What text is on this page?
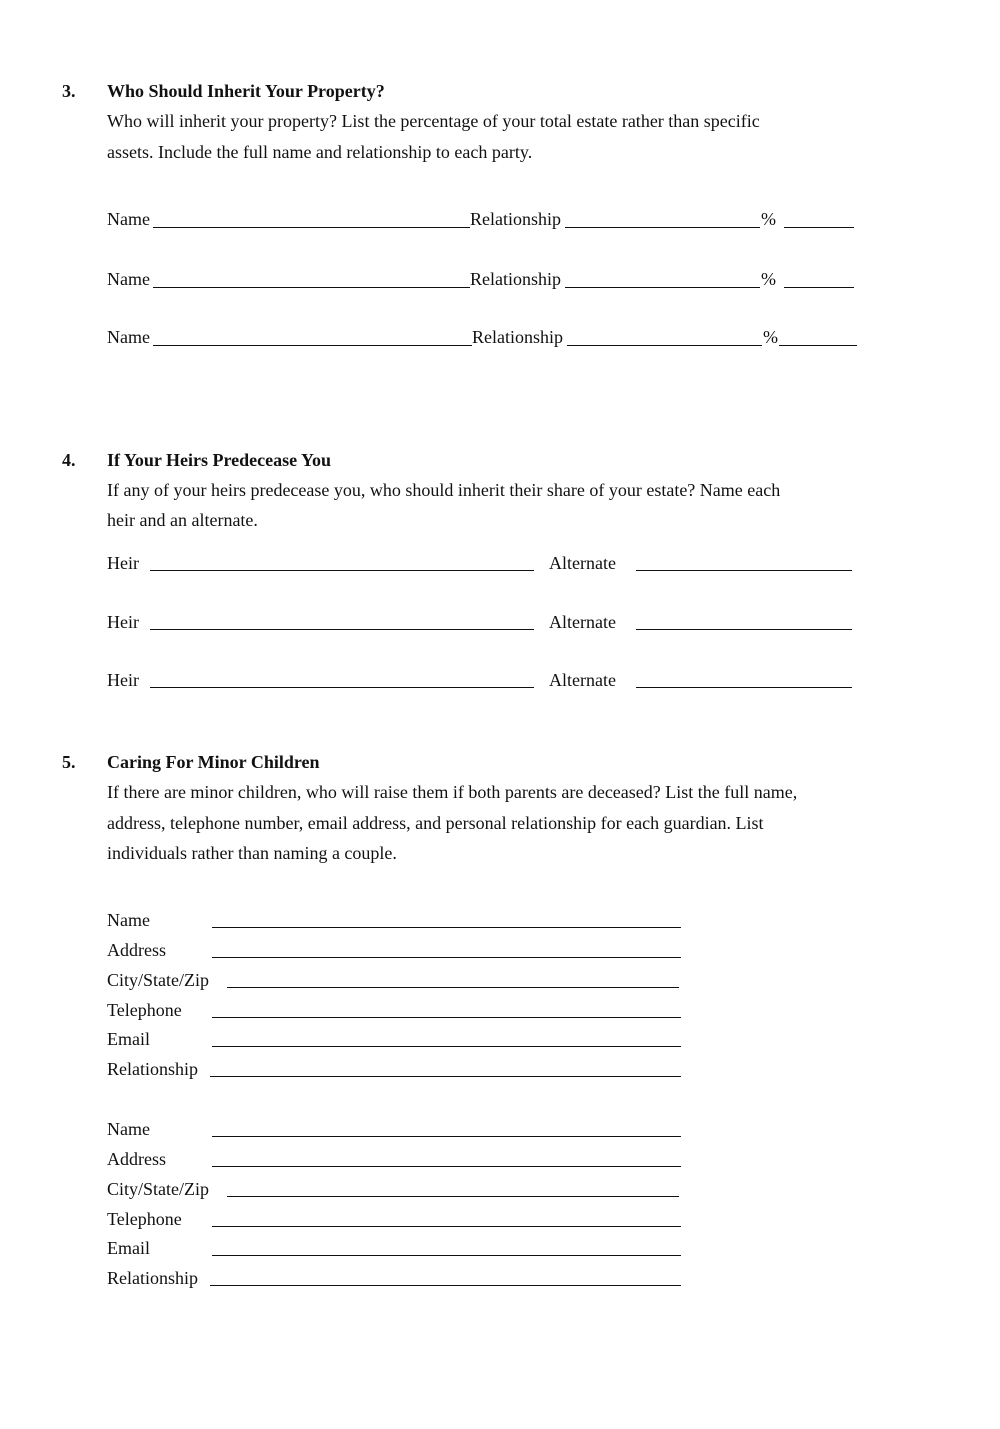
3. Who Should Inherit Your Property?
Who will inherit your property? List the percentage of your total estate rather than specific
assets. Include the full name and relationship to each party.
Name	Relationship	%
Name	Relationship	%
Name	Relationship	%
4. If Your Heirs Predecease You
If any of your heirs predecease you, who should inherit their share of your estate? Name each
heir and an alternate.
Heir	Alternate
Heir	Alternate
Heir	Alternate
5. Caring For Minor Children
If there are minor children, who will raise them if both parents are deceased? List the full name,
address, telephone number, email address, and personal relationship for each guardian. List
individuals rather than naming a couple.
Name
Address
City/State/Zip
Telephone
Email
Relationship
Name
Address
City/State/Zip
Telephone
Email
Relationship
